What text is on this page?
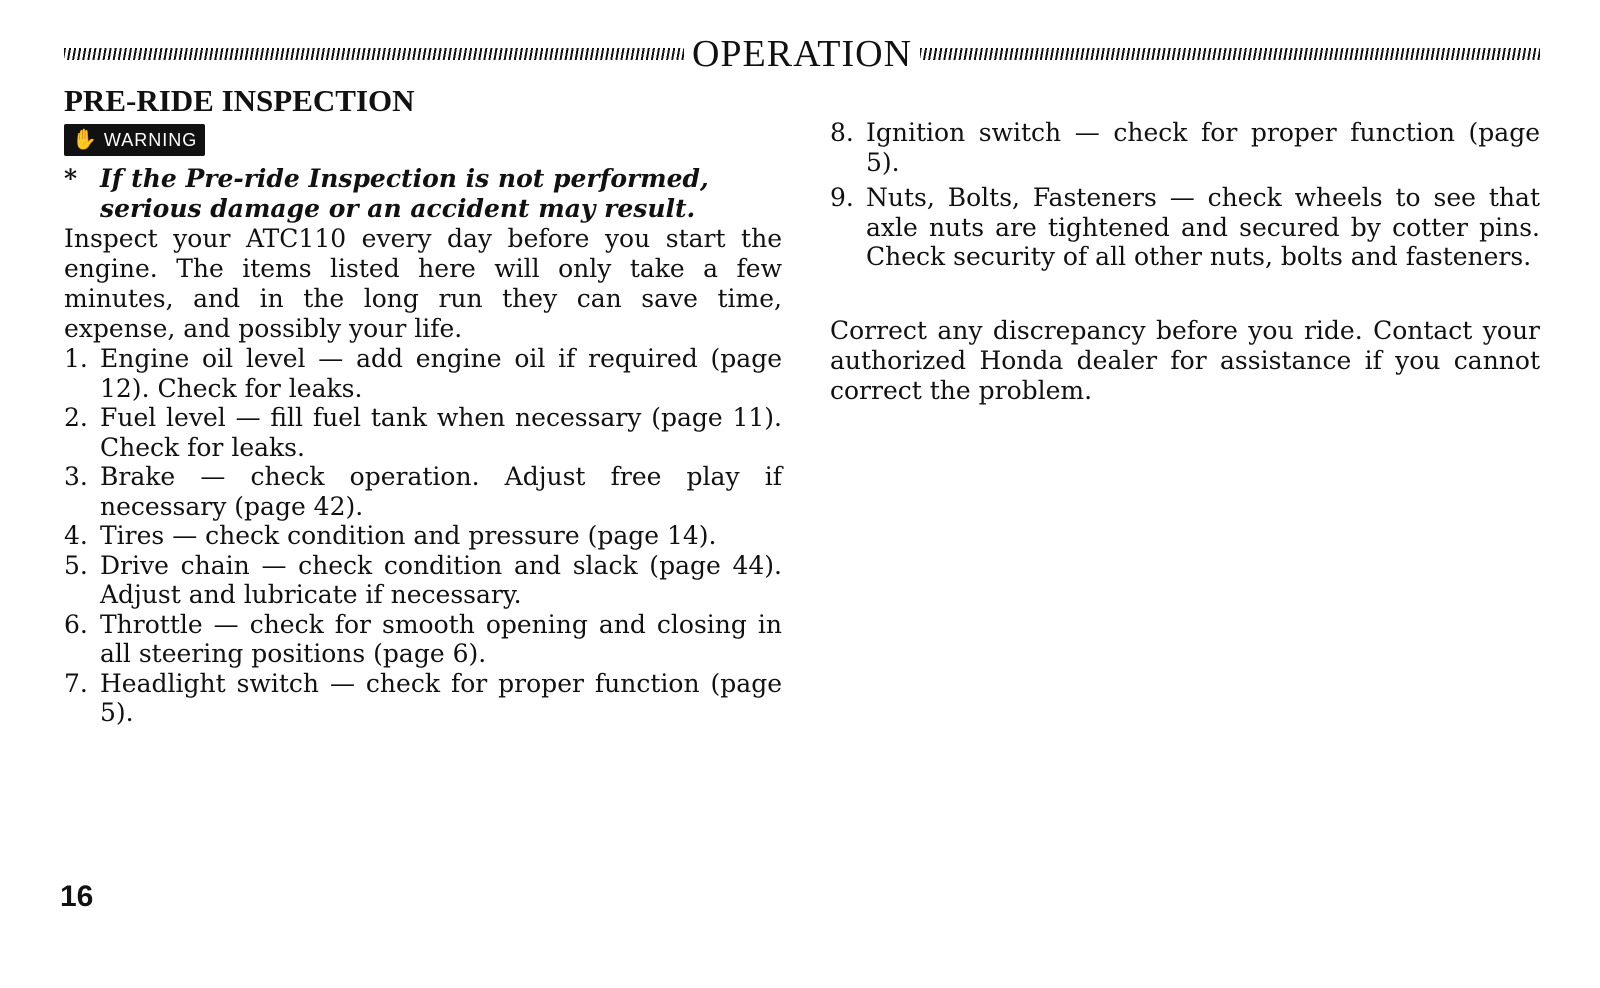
OPERATION
PRE-RIDE INSPECTION
✋ WARNING

* If the Pre-ride Inspection is not performed, serious damage or an accident may result.

Inspect your ATC110 every day before you start the engine. The items listed here will only take a few minutes, and in the long run they can save time, expense, and possibly your life.

1. Engine oil level — add engine oil if required (page 12). Check for leaks.
2. Fuel level — fill fuel tank when necessary (page 11). Check for leaks.
3. Brake — check operation. Adjust free play if necessary (page 42).
4. Tires — check condition and pressure (page 14).
5. Drive chain — check condition and slack (page 44). Adjust and lubricate if necessary.
6. Throttle — check for smooth opening and closing in all steering positions (page 6).
7. Headlight switch — check for proper function (page 5).
8. Ignition switch — check for proper function (page 5).
9. Nuts, Bolts, Fasteners — check wheels to see that axle nuts are tightened and secured by cotter pins. Check security of all other nuts, bolts and fasteners.

Correct any discrepancy before you ride. Contact your authorized Honda dealer for assistance if you cannot correct the problem.

16
